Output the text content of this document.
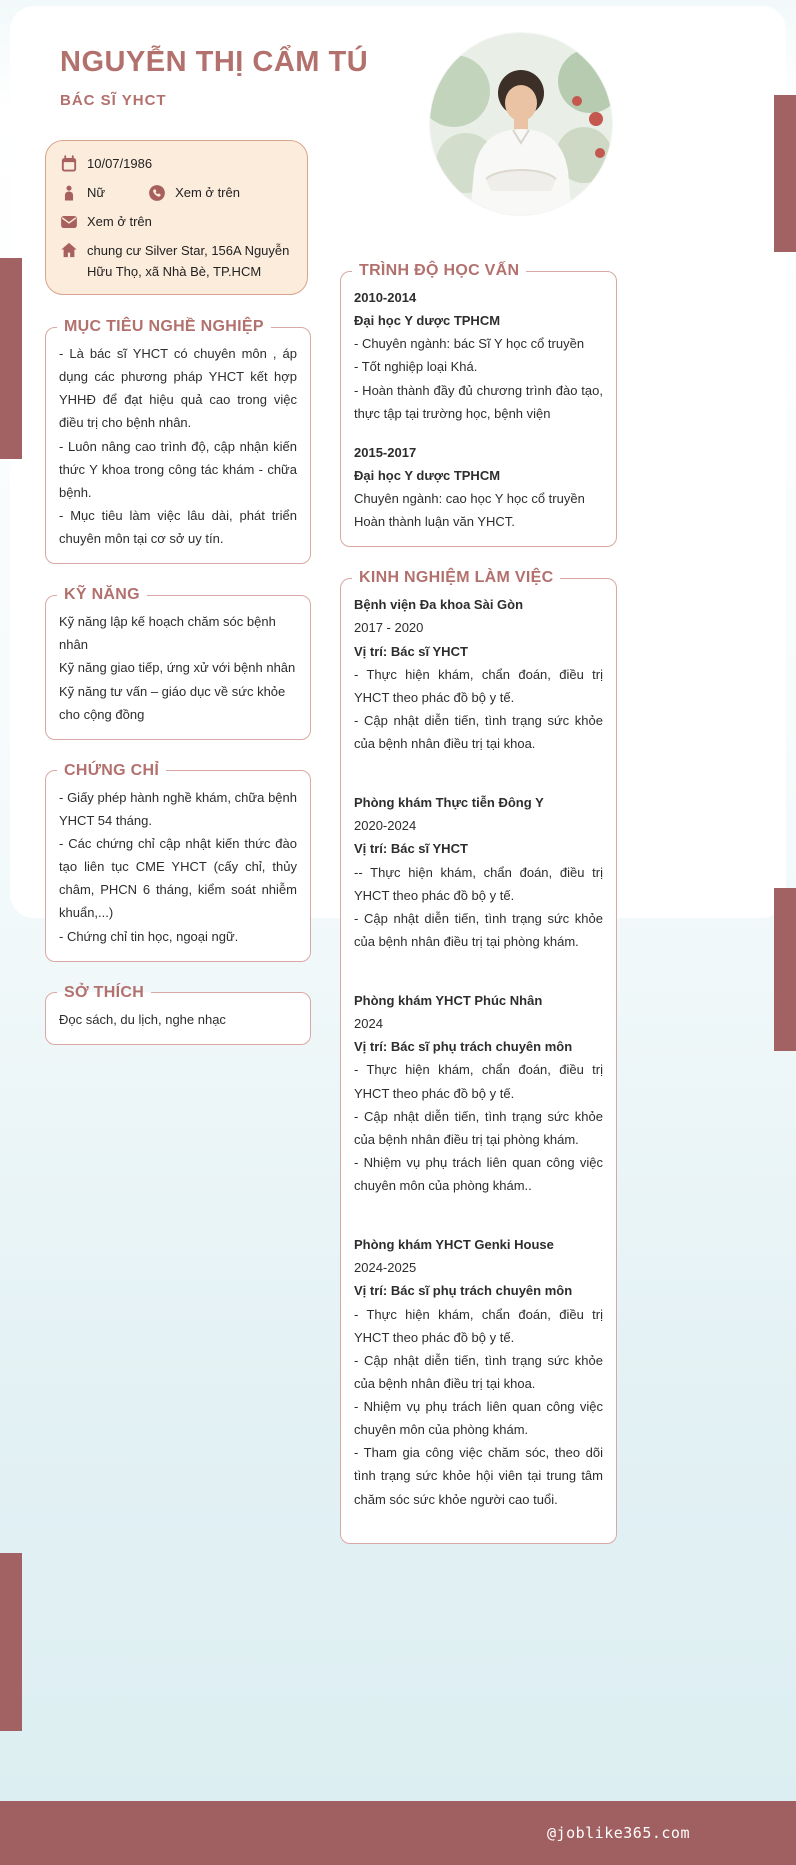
NGUYỄN THỊ CẨM TÚ
BÁC SĨ YHCT
10/07/1986
Nữ	Xem ở trên
Xem ở trên
chung cư Silver Star, 156A Nguyễn Hữu Thọ, xã Nhà Bè, TP.HCM
MỤC TIÊU NGHỀ NGHIỆP

- Là bác sĩ YHCT có chuyên môn , áp dụng các phương pháp YHCT kết hợp YHHĐ để đạt hiệu quả cao trong việc điều trị cho bệnh nhân.

- Luôn nâng cao trình độ, cập nhận kiến thức Y khoa trong công tác khám - chữa bệnh.

- Mục tiêu làm việc lâu dài, phát triển chuyên môn tại cơ sở uy tín.

KỸ NĂNG

Kỹ năng lập kế hoạch chăm sóc bệnh nhân

Kỹ năng giao tiếp, ứng xử với bệnh nhân

Kỹ năng tư vấn – giáo dục về sức khỏe cho cộng đồng

CHỨNG CHỈ

- Giấy phép hành nghề khám, chữa bệnh YHCT 54 tháng.

- Các chứng chỉ cập nhật kiến thức đào tạo liên tục CME YHCT (cấy chỉ, thủy châm, PHCN 6 tháng, kiểm soát nhiễm khuẩn,...)

- Chứng chỉ tin học, ngoại ngữ.

SỞ THÍCH

Đọc sách, du lịch, nghe nhạc

TRÌNH ĐỘ HỌC VẤN

2010-2014

Đại học Y dược TPHCM

- Chuyên ngành: bác Sĩ Y học cổ truyền

- Tốt nghiệp loại Khá.

- Hoàn thành đầy đủ chương trình đào tạo, thực tập tại trường học, bệnh viện

2015-2017

Đại học Y dược TPHCM

Chuyên ngành: cao học Y học cổ truyền

Hoàn thành luận văn YHCT.

KINH NGHIỆM LÀM VIỆC

Bệnh viện Đa khoa Sài Gòn

2017 - 2020

Vị trí: Bác sĩ YHCT

- Thực hiện khám, chẩn đoán, điều trị YHCT theo phác đồ bộ y tế.

- Cập nhật diễn tiến, tình trạng sức khỏe của bệnh nhân điều trị tại khoa.

Phòng khám Thực tiễn Đông Y

2020-2024

Vị trí: Bác sĩ YHCT

-- Thực hiện khám, chẩn đoán, điều trị YHCT theo phác đồ bộ y tế.

- Cập nhật diễn tiến, tình trạng sức khỏe của bệnh nhân điều trị tại phòng khám.

Phòng khám YHCT Phúc Nhân

2024

Vị trí: Bác sĩ phụ trách chuyên môn

- Thực hiện khám, chẩn đoán, điều trị YHCT theo phác đồ bộ y tế.

- Cập nhật diễn tiến, tình trạng sức khỏe của bệnh nhân điều trị tại phòng khám.

- Nhiệm vụ phụ trách liên quan công việc chuyên môn của phòng khám..

Phòng khám YHCT Genki House

2024-2025

Vị trí: Bác sĩ phụ trách chuyên môn

- Thực hiện khám, chẩn đoán, điều trị YHCT theo phác đồ bộ y tế.

- Cập nhật diễn tiến, tình trạng sức khỏe của bệnh nhân điều trị tại khoa.

- Nhiệm vụ phụ trách liên quan công việc chuyên môn của phòng khám.

- Tham gia công việc chăm sóc, theo dõi tình trạng sức khỏe hội viên tại trung tâm chăm sóc sức khỏe người cao tuổi.

@joblike365.com
